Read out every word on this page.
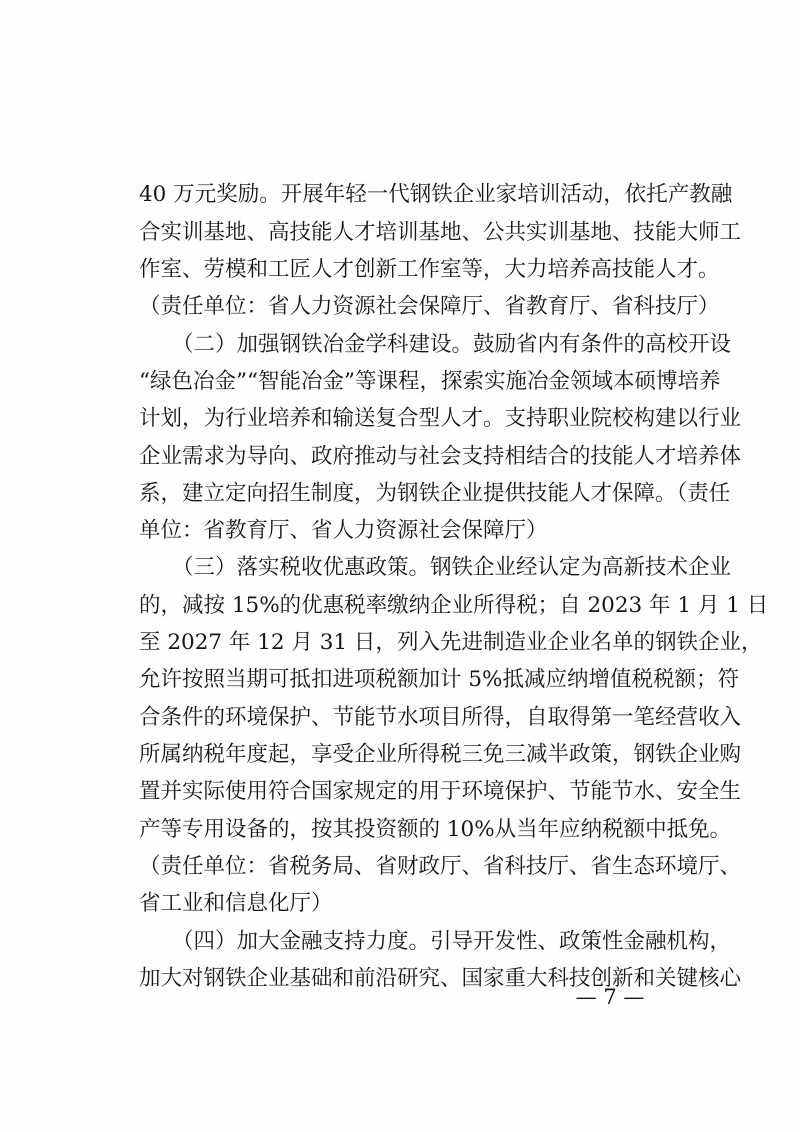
40 万元奖励。开展年轻一代钢铁企业家培训活动，依托产教融
合实训基地、高技能人才培训基地、公共实训基地、技能大师工
作室、劳模和工匠人才创新工作室等，大力培养高技能人才。
（责任单位：省人力资源社会保障厅、省教育厅、省科技厅）
（二）加强钢铁冶金学科建设。鼓励省内有条件的高校开设
“绿色冶金”“智能冶金”等课程，探索实施冶金领域本硕博培养
计划，为行业培养和输送复合型人才。支持职业院校构建以行业
企业需求为导向、政府推动与社会支持相结合的技能人才培养体
系，建立定向招生制度，为钢铁企业提供技能人才保障。（责任
单位：省教育厅、省人力资源社会保障厅）
（三）落实税收优惠政策。钢铁企业经认定为高新技术企业
的，减按 15%的优惠税率缴纳企业所得税；自 2023 年 1 月 1 日
至 2027 年 12 月 31 日，列入先进制造业企业名单的钢铁企业，
允许按照当期可抵扣进项税额加计 5%抵减应纳增值税税额；符
合条件的环境保护、节能节水项目所得，自取得第一笔经营收入
所属纳税年度起，享受企业所得税三免三减半政策，钢铁企业购
置并实际使用符合国家规定的用于环境保护、节能节水、安全生
产等专用设备的，按其投资额的 10%从当年应纳税额中抵免。
（责任单位：省税务局、省财政厅、省科技厅、省生态环境厅、
省工业和信息化厅）
（四）加大金融支持力度。引导开发性、政策性金融机构，
加大对钢铁企业基础和前沿研究、国家重大科技创新和关键核心
— 7 —
